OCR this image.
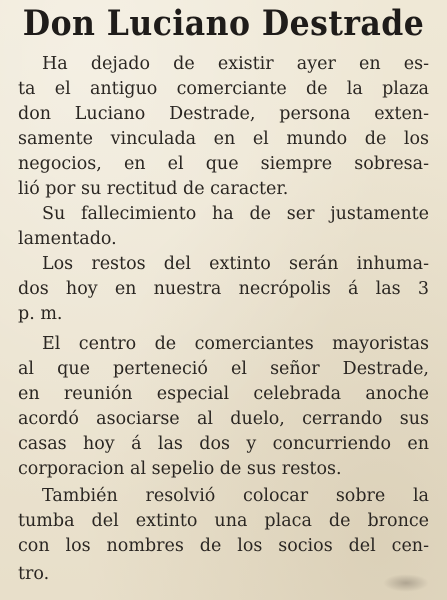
Don Luciano Destrade
Ha dejado de existir ayer en es-
ta el antiguo comerciante de la plaza
don Luciano Destrade, persona exten-
samente vinculada en el mundo de los
negocios, en el que siempre sobresa-
lió por su rectitud de caracter.
Su fallecimiento ha de ser justamente
lamentado.
Los restos del extinto serán inhuma-
dos hoy en nuestra necrópolis á las 3
p. m.
El centro de comerciantes mayoristas
al que perteneció el señor Destrade,
en reunión especial celebrada anoche
acordó asociarse al duelo, cerrando sus
casas hoy á las dos y concurriendo en
corporacion al sepelio de sus restos.
También resolvió colocar sobre la
tumba del extinto una placa de bronce
con los nombres de los socios del cen-
tro.
